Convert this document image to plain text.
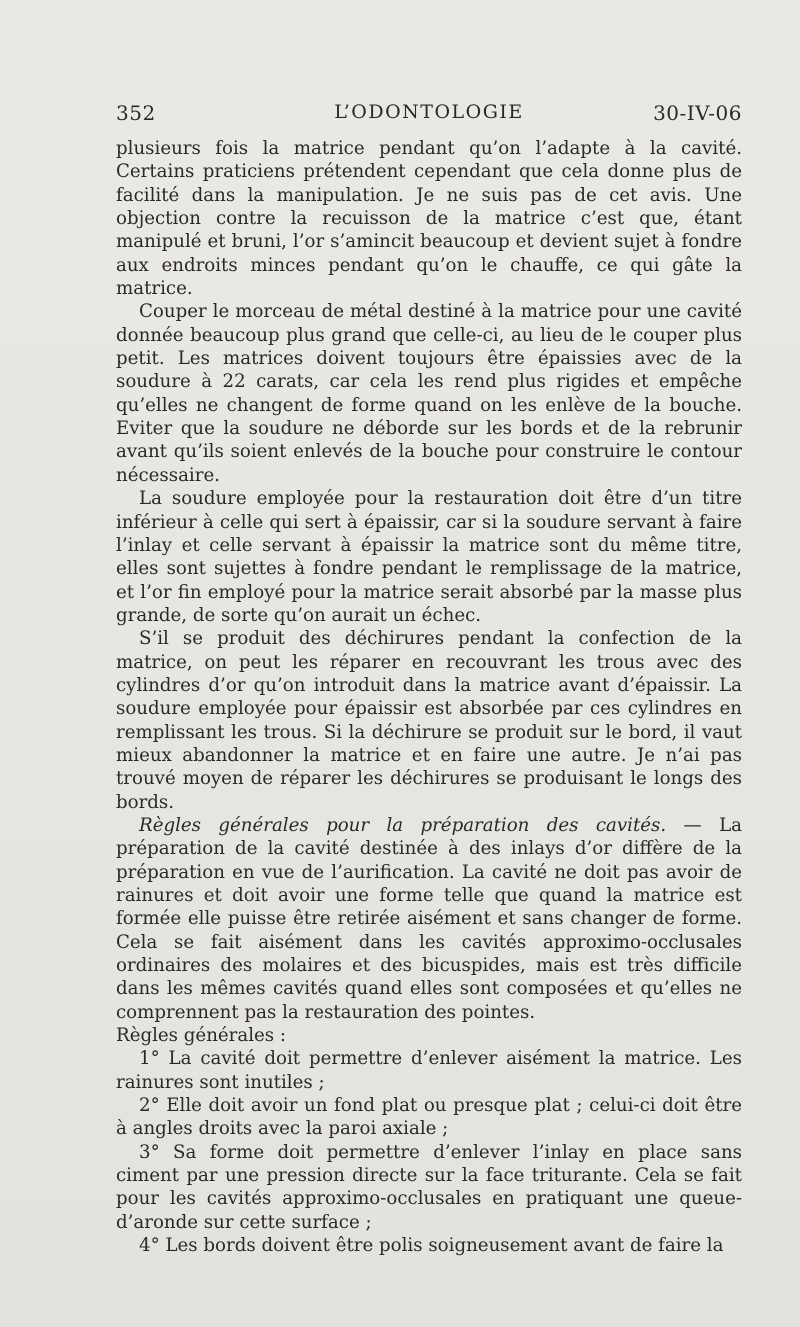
352	L’ODONTOLOGIE	30-IV-06

plusieurs fois la matrice pendant qu’on l’adapte à la cavité. Certains praticiens prétendent cependant que cela donne plus de facilité dans la manipulation. Je ne suis pas de cet avis. Une objection contre la recuisson de la matrice c’est que, étant manipulé et bruni, l’or s’amincit beaucoup et devient sujet à fondre aux endroits minces pendant qu’on le chauffe, ce qui gâte la matrice.

Couper le morceau de métal destiné à la matrice pour une cavité donnée beaucoup plus grand que celle-ci, au lieu de le couper plus petit. Les matrices doivent toujours être épaissies avec de la soudure à 22 carats, car cela les rend plus rigides et empêche qu’elles ne changent de forme quand on les enlève de la bouche. Eviter que la soudure ne déborde sur les bords et de la rebrunir avant qu’ils soient enlevés de la bouche pour construire le contour nécessaire.

La soudure employée pour la restauration doit être d’un titre inférieur à celle qui sert à épaissir, car si la soudure servant à faire l’inlay et celle servant à épaissir la matrice sont du même titre, elles sont sujettes à fondre pendant le remplissage de la matrice, et l’or fin employé pour la matrice serait absorbé par la masse plus grande, de sorte qu’on aurait un échec.

S’il se produit des déchirures pendant la confection de la matrice, on peut les réparer en recouvrant les trous avec des cylindres d’or qu’on introduit dans la matrice avant d’épaissir. La soudure employée pour épaissir est absorbée par ces cylindres en remplissant les trous. Si la déchirure se produit sur le bord, il vaut mieux abandonner la matrice et en faire une autre. Je n’ai pas trouvé moyen de réparer les déchirures se produisant le longs des bords.

Règles générales pour la préparation des cavités. — La préparation de la cavité destinée à des inlays d’or diffère de la préparation en vue de l’aurification. La cavité ne doit pas avoir de rainures et doit avoir une forme telle que quand la matrice est formée elle puisse être retirée aisément et sans changer de forme. Cela se fait aisément dans les cavités approximo-occlusales ordinaires des molaires et des bicuspides, mais est très difficile dans les mêmes cavités quand elles sont composées et qu’elles ne comprennent pas la restauration des pointes.

Règles générales :

1° La cavité doit permettre d’enlever aisément la matrice. Les rainures sont inutiles ;

2° Elle doit avoir un fond plat ou presque plat ; celui-ci doit être à angles droits avec la paroi axiale ;

3° Sa forme doit permettre d’enlever l’inlay en place sans ciment par une pression directe sur la face triturante. Cela se fait pour les cavités approximo-occlusales en pratiquant une queue-d’aronde sur cette surface ;

4° Les bords doivent être polis soigneusement avant de faire la
